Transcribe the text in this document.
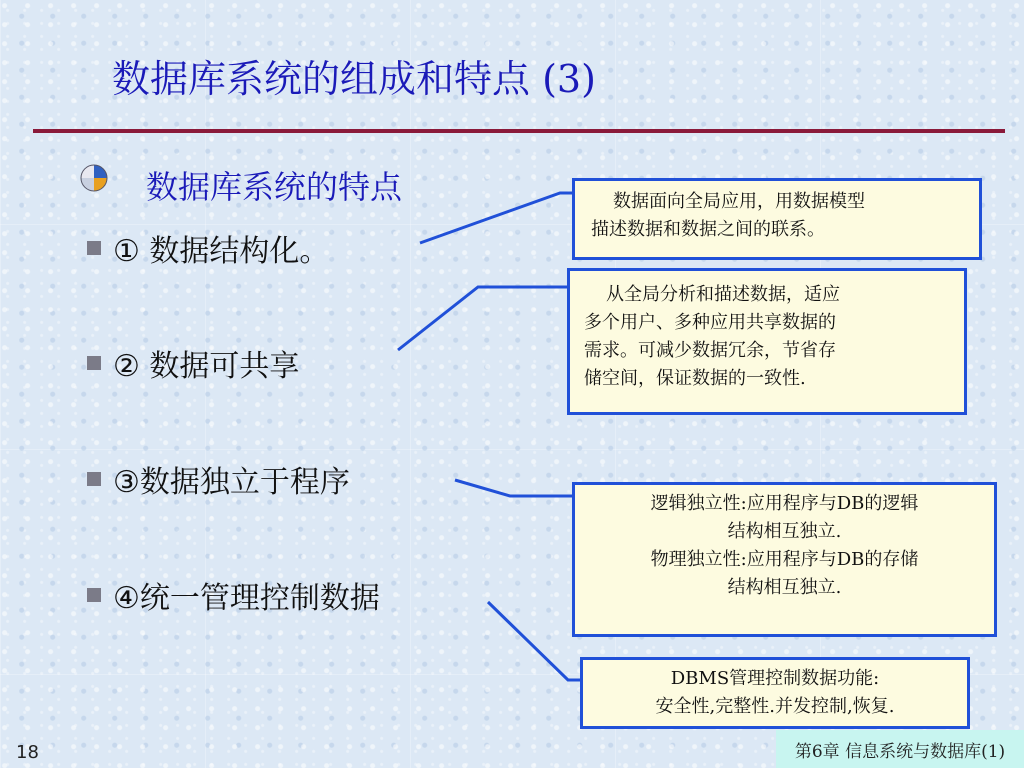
数据库系统的组成和特点 (3)
数据库系统的特点
① 数据结构化。
② 数据可共享
③数据独立于程序
④统一管理控制数据
数据面向全局应用，用数据模型
描述数据和数据之间的联系。
从全局分析和描述数据，适应
多个用户、多种应用共享数据的
需求。可减少数据冗余，节省存
储空间，保证数据的一致性.
逻辑独立性:应用程序与DB的逻辑
结构相互独立.
物理独立性:应用程序与DB的存储
结构相互独立.
DBMS管理控制数据功能:
安全性,完整性.并发控制,恢复.
18	第6章 信息系统与数据库(1)
